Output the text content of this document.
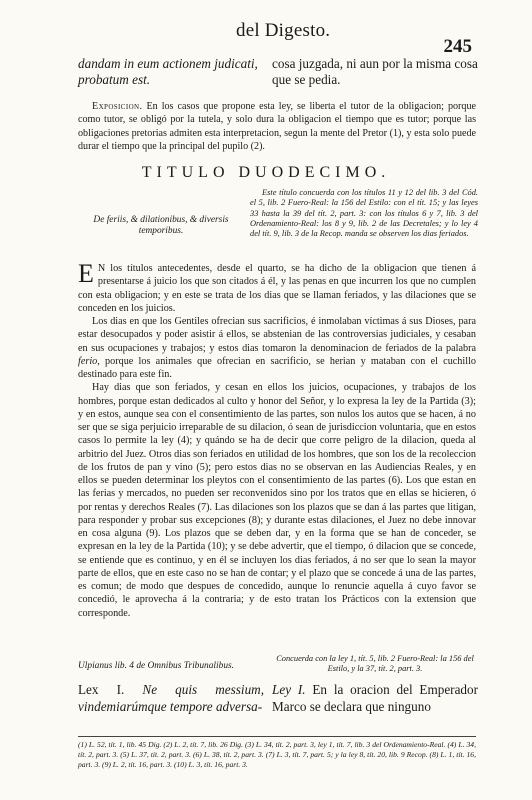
del Digesto.
245
dandam in eum actionem judicati, probatum est.
cosa juzgada, ni aun por la misma cosa que se pedia.
Exposicion. En los casos que propone esta ley, se liberta el tutor de la obligacion; porque como tutor, se obligó por la tutela, y solo dura la obligacion el tiempo que es tutor; porque las obligaciones pretorias admiten esta interpretacion, segun la mente del Pretor (1), y esta solo puede durar el tiempo que la principal del pupilo (2).
TITULO DUODECIMO.
De feriis, & dilationibus, & diversis temporibus.
Este título concuerda con los títulos 11 y 12 del lib. 3 del Cód. el 5, lib. 2 Fuero-Real: la 156 del Estilo: con el tít. 15; y las leyes 33 hasta la 39 del tít. 2, part. 3: con los títulos 6 y 7, lib. 3 del Ordenamiento-Real: los 8 y 9, lib. 2 de las Decretales; y lo ley 4 del tít. 9, lib. 3 de la Recop. manda se observen los dias feriados.

E N los títulos antecedentes, desde el quarto, se ha dicho de la obligacion que tienen á presentarse á juicio los que son citados á él, y las penas en que incurren los que no cumplen con esta obligacion; y en este se trata de los dias que se llaman feriados, y las dilaciones que se conceden en los juicios.

Los dias en que los Gentiles ofrecian sus sacrificios, é inmolaban víctimas á sus Dioses, para estar desocupados y poder asistir á ellos, se abstenian de las controversias judiciales, y cesaban en sus ocupaciones y trabajos; y estos dias tomaron la denominacion de feriados de la palabra ferio, porque los animales que ofrecian en sacrificio, se herian y mataban con el cuchillo destinado para este fin.

Hay dias que son feriados, y cesan en ellos los juicios, ocupaciones, y trabajos de los hombres, porque estan dedicados al culto y honor del Señor, y lo expresa la ley de la Partida (3); y en estos, aunque sea con el consentimiento de las partes, son nulos los autos que se hacen, á no ser que se siga perjuicio irreparable de su dilacion, ó sean de jurisdiccion voluntaria, que en estos casos lo permite la ley (4); y quándo se ha de decir que corre peligro de la dilacion, queda al arbitrio del Juez. Otros dias son feriados en utilidad de los hombres, que son los de la recoleccion de los frutos de pan y vino (5); pero estos dias no se observan en las Audiencias Reales, y en ellos se pueden determinar los pleytos con el consentimiento de las partes (6). Los que estan en las ferias y mercados, no pueden ser reconvenidos sino por los tratos que en ellas se hicieren, ó por rentas y derechos Reales (7). Las dilaciones son los plazos que se dan á las partes que litigan, para responder y probar sus excepciones (8); y durante estas dilaciones, el Juez no debe innovar en cosa alguna (9). Los plazos que se deben dar, y en la forma que se han de conceder, se expresan en la ley de la Partida (10); y se debe advertir, que el tiempo, ó dilacion que se concede, se entiende que es continuo, y en él se incluyen los dias feriados, á no ser que lo sean la mayor parte de ellos, que en este caso no se han de contar; y el plazo que se concede á una de las partes, es comun; de modo que despues de concedido, aunque lo renuncie aquella á cuyo favor se concedió, le aprovecha á la contraria; y de esto tratan los Prácticos con la extension que corresponde.

Ulpianus lib. 4 de Omnibus Tribunalibus.
Concuerda con la ley 1, tít. 5, lib. 2 Fuero-Real: la 156 del Estilo, y la 37, tít. 2, part. 3.
Lex I. Ne quis messium, vindemiarúmque tempore adversa-
Ley I. En la oracion del Emperador Marco se declara que ninguno
(1) L. 52, tít. 1, lib. 45 Dig. (2) L. 2, tít. 7, lib. 26 Dig. (3) L. 34, tít. 2, part. 3, ley 1, tít. 7, lib. 3 del Ordenamiento-Real. (4) L. 34, tít. 2, part. 3. (5) L. 37, tít. 2, part. 3. (6) L. 38, tít. 2, part. 3. (7) L. 3, tít. 7, part. 5; y la ley 8, tít. 20, lib. 9 Recop. (8) L. 1, tít. 16, part. 3. (9) L. 2, tít. 16, part. 3. (10) L. 3, tít. 16, part. 3.
